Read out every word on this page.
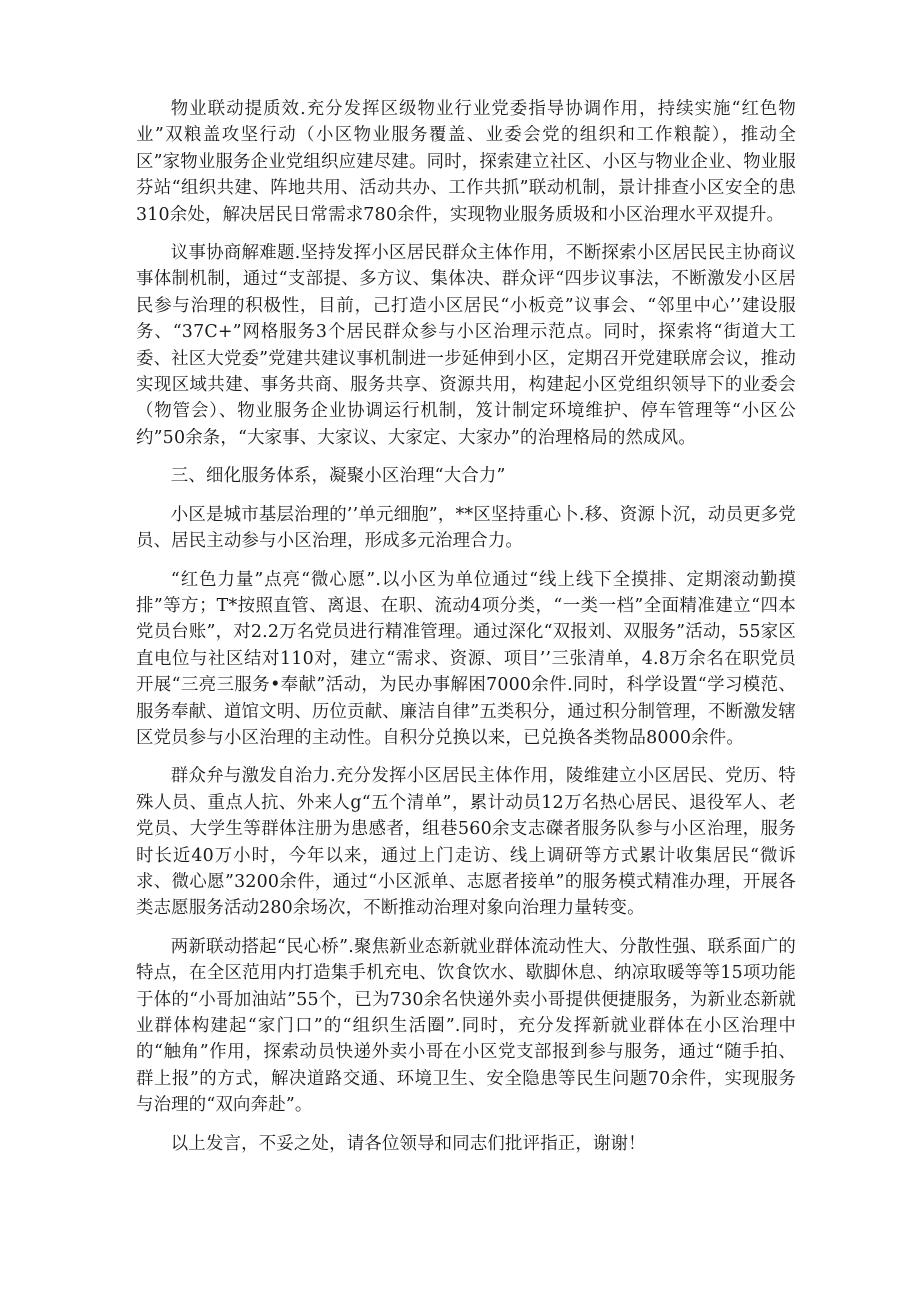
物业联动提质效.充分发挥区级物业行业党委指导协调作用，持续实施“红色物业”双粮盖攻坚行动（小区物业服务覆盖、业委会党的组织和工作粮靛），推动全区”家物业服务企业党组织应建尽建。同时，探索建立社区、小区与物业企业、物业服芬站“组织共建、阵地共用、活动共办、工作共抓”联动机制，景计排查小区安全的患310余处，解决居民日常需求780余件，实现物业服务质圾和小区治理水平双提升。

议事协商解难题.坚持发挥小区居民群众主体作用，不断探索小区居民民主协商议事体制机制，通过“支部提、多方议、集体决、群众评“四步议事法，不断激发小区居民参与治理的积极性，目前，己打造小区居民“小板竞”议事会、“邻里中心’’建设服务、“37C+”网格服务3个居民群众参与小区治理示范点。同时，探索将“街道大工委、社区大党委”党建共建议事机制进一步延伸到小区，定期召开党建联席会议，推动实现区域共建、事务共商、服务共享、资源共用，构建起小区党组织领导下的业委会（物管会）、物业服务企业协调运行机制，笈计制定环境维护、停车管理等“小区公约”50余条，“大家事、大家议、大家定、大家办”的治理格局的然成风。

三、细化服务体系，凝聚小区治理“大合力”

小区是城市基层治理的’’单元细胞”，**区坚持重心卜.移、资源卜沉，动员更多党员、居民主动参与小区治理，形成多元治理合力。

“红色力量”点亮“微心愿”.以小区为单位通过“线上线下全摸排、定期滚动勤摸排”等方；T*按照直管、离退、在职、流动4项分类，“一类一档”全面精准建立“四本党员台账”，对2.2万名党员进行精准管理。通过深化“双报刘、双服务”活动，55家区直电位与社区结对110对，建立“需求、资源、项目’’三张清单，4.8万余名在职党员开展“三亮三服务•奉献”活动，为民办事解困7000余件.同时，科学设置“学习模范、服务奉献、道馆文明、历位贡献、廉洁自律”五类积分，通过积分制管理，不断激发辖区党员参与小区治理的主动性。自积分兑换以来，已兑换各类物品8000余件。

群众弁与激发自治力.充分发挥小区居民主体作用，陵维建立小区居民、党历、特殊人员、重点人抗、外来人g“五个清单”，累计动员12万名热心居民、退役军人、老党员、大学生等群体注册为患感者，组巷560余支志磔者服务队参与小区治理，服务时长近40万小时，今年以来，通过上门走访、线上调研等方式累计收集居民“微诉求、微心愿”3200余件，通过“小区派单、志愿者接单”的服务模式精准办理，开展各类志愿服务活动280余场次，不断推动治理对象向治理力量转变。

两新联动搭起“民心桥”.聚焦新业态新就业群体流动性大、分散性强、联系面广的特点，在全区范用内打造集手机充电、饮食饮水、歇脚休息、纳凉取暖等等15项功能于体的“小哥加油站”55个，已为730余名快递外卖小哥提供便捷服务，为新业态新就业群体构建起“家门口”的“组织生活圈”.同时，充分发挥新就业群体在小区治理中的“触角”作用，探索动员快递外卖小哥在小区党支部报到参与服务，通过“随手拍、群上报”的方式，解决道路交通、环境卫生、安全隐患等民生问题70余件，实现服务与治理的“双向奔赴”。

以上发言，不妥之处，请各位领导和同志们批评指正，谢谢！
